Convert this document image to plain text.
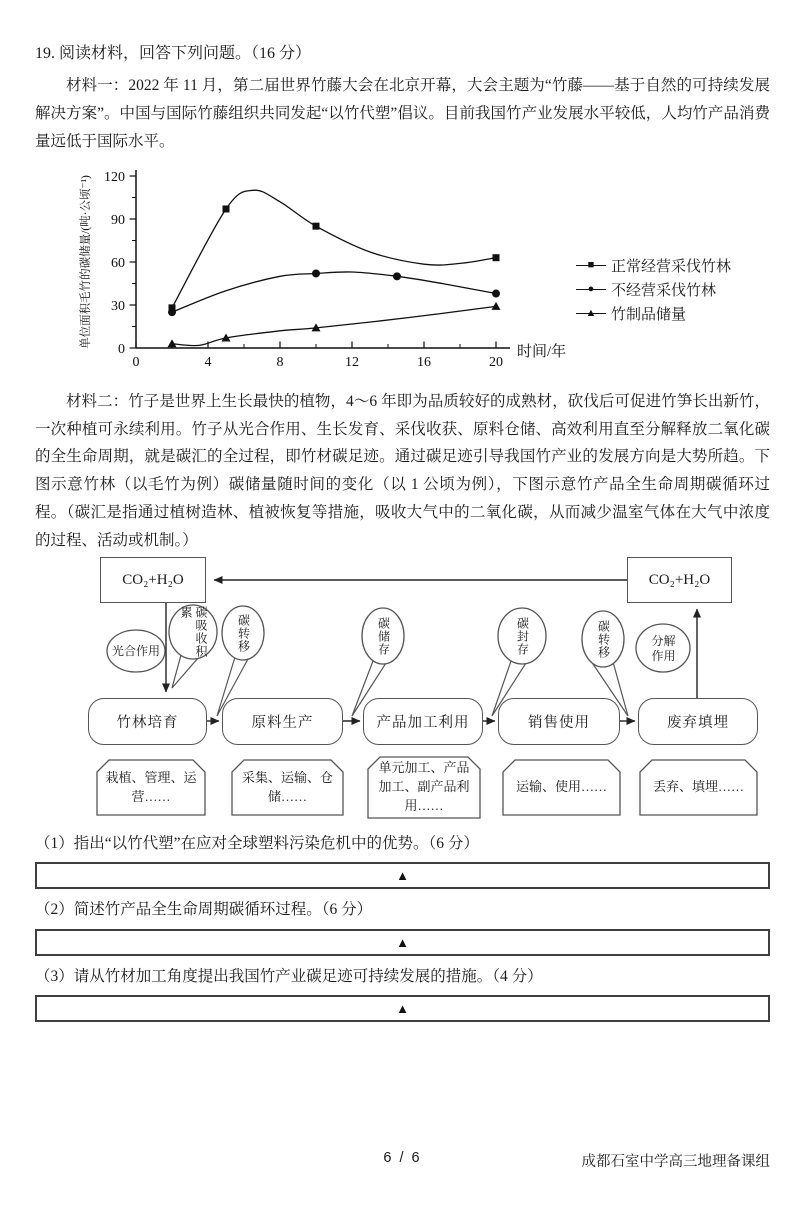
19. 阅读材料，回答下列问题。（16 分）

材料一：2022 年 11 月，第二届世界竹藤大会在北京开幕，大会主题为“竹藤——基于自然的可持续发展解决方案”。中国与国际竹藤组织共同发起“以竹代塑”倡议。目前我国竹产业发展水平较低，人均竹产品消费量远低于国际水平。

0	4	8	12	16	20
0
30
60
90
120
时间/年
单位面积毛竹的碳储量/(吨·公顷⁻¹)	■	正常经营采伐竹林
●	不经营采伐竹林
▲ 竹制品储量

材料二：竹子是世界上生长最快的植物，4～6 年即为品质较好的成熟材，砍伐后可促进竹笋长出新竹，一次种植可永续利用。竹子从光合作用、生长发育、采伐收获、原料仓储、高效利用直至分解释放二氧化碳的全生命周期，就是碳汇的全过程，即竹材碳足迹。通过碳足迹引导我国竹产业的发展方向是大势所趋。下图示意竹林（以毛竹为例）碳储量随时间的变化（以 1 公顷为例），下图示意竹产品全生命周期碳循环过程。（碳汇是指通过植树造林、植被恢复等措施，吸收大气中的二氧化碳，从而减少温室气体在大气中浓度的过程、活动或机制。）

CO₂+H₂O	CO₂+H₂O
光合作用	碳吸收积累
碳转移	碳储存	碳封存	碳转移	分解作用
竹林培育	原料生产	产品加工利用	销售使用	废弃填埋
栽植、管理、运营……
采集、运输、仓储……
单元加工、产品加工、副产品利用……
运输、使用……	丢弃、填埋……
（1）指出“以竹代塑”在应对全球塑料污染危机中的优势。（6 分）
▲
（2）简述竹产品全生命周期碳循环过程。（6 分）
▲
（3）请从竹材加工角度提出我国竹产业碳足迹可持续发展的措施。（4 分）
▲
6 / 6	成都石室中学高三地理备课组
